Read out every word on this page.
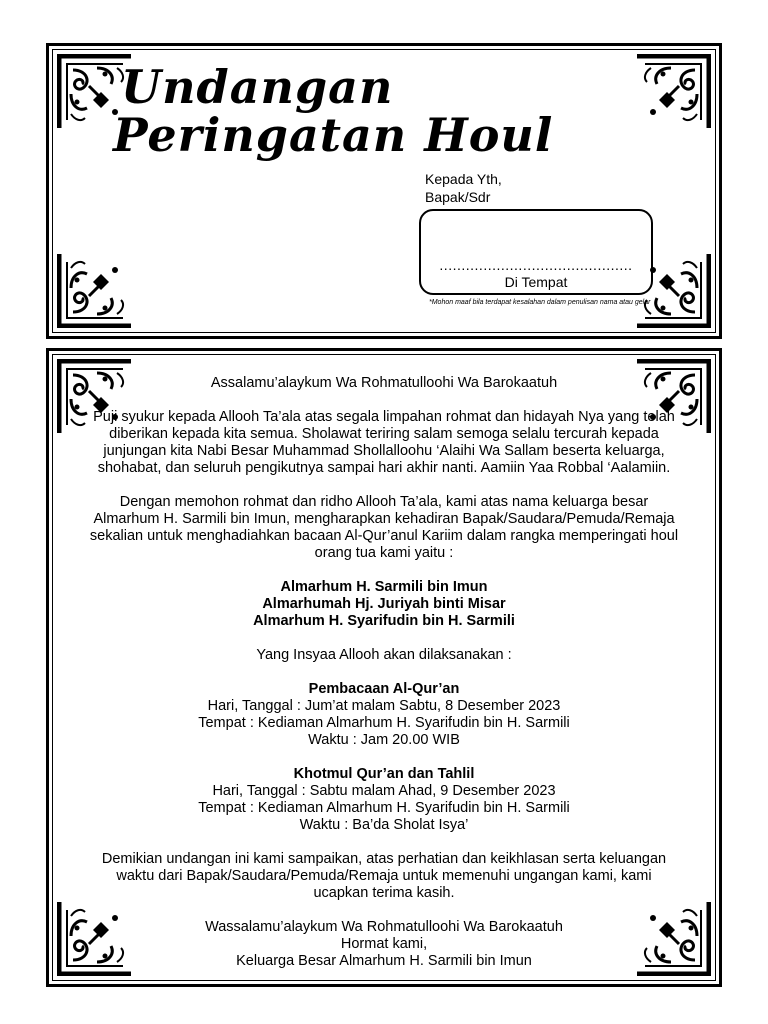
Undangan
Peringatan Houl
Kepada Yth,
Bapak/Sdr
............................................
Di Tempat
*Mohon maaf bila terdapat kesalahan dalam penulisan nama atau gelar
Assalamu’alaykum Wa Rohmatulloohi Wa Barokaatuh

Puji syukur kepada Allooh Ta’ala atas segala limpahan rohmat dan hidayah Nya yang telah
diberikan kepada kita semua. Sholawat teriring salam semoga selalu tercurah kepada
junjungan kita Nabi Besar Muhammad Shollalloohu ‘Alaihi Wa Sallam beserta keluarga,
shohabat, dan seluruh pengikutnya sampai hari akhir nanti. Aamiin Yaa Robbal ‘Aalamiin.

Dengan memohon rohmat dan ridho Allooh Ta’ala, kami atas nama keluarga besar
Almarhum H. Sarmili bin Imun, mengharapkan kehadiran Bapak/Saudara/Pemuda/Remaja
sekalian untuk menghadiahkan bacaan Al-Qur’anul Kariim dalam rangka memperingati houl
orang tua kami yaitu :

Almarhum H. Sarmili bin Imun
Almarhumah Hj. Juriyah binti Misar
Almarhum H. Syarifudin bin H. Sarmili

Yang Insyaa Allooh akan dilaksanakan :

Pembacaan Al-Qur’an
Hari, Tanggal : Jum’at malam Sabtu, 8 Desember 2023
Tempat : Kediaman Almarhum H. Syarifudin bin H. Sarmili
Waktu : Jam 20.00 WIB

Khotmul Qur’an dan Tahlil
Hari, Tanggal : Sabtu malam Ahad, 9 Desember 2023
Tempat : Kediaman Almarhum H. Syarifudin bin H. Sarmili
Waktu : Ba’da Sholat Isya’

Demikian undangan ini kami sampaikan, atas perhatian dan keikhlasan serta keluangan
waktu dari Bapak/Saudara/Pemuda/Remaja untuk memenuhi ungangan kami, kami
ucapkan terima kasih.

Wassalamu’alaykum Wa Rohmatulloohi Wa Barokaatuh
Hormat kami,
Keluarga Besar Almarhum H. Sarmili bin Imun
